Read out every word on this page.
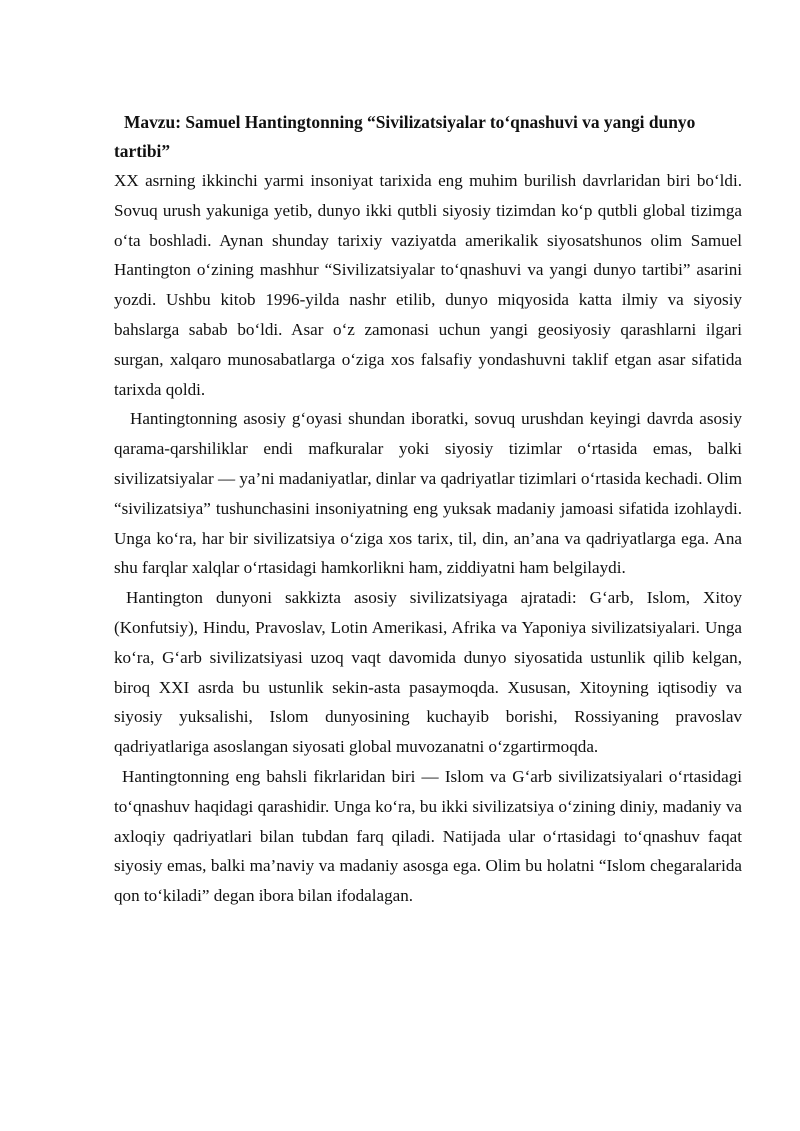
Mavzu: Samuel Hantingtonning “Sivilizatsiyalar to‘qnashuvi va yangi dunyo tartibi”

XX asrning ikkinchi yarmi insoniyat tarixida eng muhim burilish davrlaridan biri bo‘ldi. Sovuq urush yakuniga yetib, dunyo ikki qutbli siyosiy tizimdan ko‘p qutbli global tizimga o‘ta boshladi. Aynan shunday tarixiy vaziyatda amerikalik siyosatshunos olim Samuel Hantington o‘zining mashhur “Sivilizatsiyalar to‘qnashuvi va yangi dunyo tartibi” asarini yozdi. Ushbu kitob 1996-yilda nashr etilib, dunyo miqyosida katta ilmiy va siyosiy bahslarga sabab bo‘ldi. Asar o‘z zamonasi uchun yangi geosiyosiy qarashlarni ilgari surgan, xalqaro munosabatlarga o‘ziga xos falsafiy yondashuvni taklif etgan asar sifatida tarixda qoldi.

Hantingtonning asosiy g‘oyasi shundan iboratki, sovuq urushdan keyingi davrda asosiy qarama-qarshiliklar endi mafkuralar yoki siyosiy tizimlar o‘rtasida emas, balki sivilizatsiyalar — ya’ni madaniyatlar, dinlar va qadriyatlar tizimlari o‘rtasida kechadi. Olim “sivilizatsiya” tushunchasini insoniyatning eng yuksak madaniy jamoasi sifatida izohlaydi. Unga ko‘ra, har bir sivilizatsiya o‘ziga xos tarix, til, din, an’ana va qadriyatlarga ega. Ana shu farqlar xalqlar o‘rtasidagi hamkorlikni ham, ziddiyatni ham belgilaydi.

Hantington dunyoni sakkizta asosiy sivilizatsiyaga ajratadi: G‘arb, Islom, Xitoy (Konfutsiy), Hindu, Pravoslav, Lotin Amerikasi, Afrika va Yaponiya sivilizatsiyalari. Unga ko‘ra, G‘arb sivilizatsiyasi uzoq vaqt davomida dunyo siyosatida ustunlik qilib kelgan, biroq XXI asrda bu ustunlik sekin-asta pasaymoqda. Xususan, Xitoyning iqtisodiy va siyosiy yuksalishi, Islom dunyosining kuchayib borishi, Rossiyaning pravoslav qadriyatlariga asoslangan siyosati global muvozanatni o‘zgartirmoqda.

Hantingtonning eng bahsli fikrlaridan biri — Islom va G‘arb sivilizatsiyalari o‘rtasidagi to‘qnashuv haqidagi qarashidir. Unga ko‘ra, bu ikki sivilizatsiya o‘zining diniy, madaniy va axloqiy qadriyatlari bilan tubdan farq qiladi. Natijada ular o‘rtasidagi to‘qnashuv faqat siyosiy emas, balki ma’naviy va madaniy asosga ega. Olim bu holatni “Islom chegaralarida qon to‘kiladi” degan ibora bilan ifodalagan.
